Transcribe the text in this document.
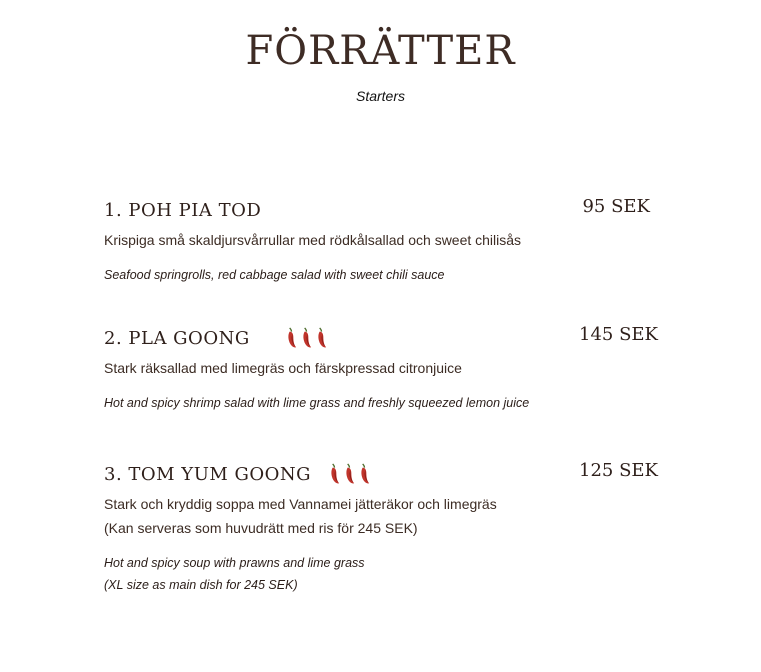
FÖRRÄTTER
Starters
1. POH PIA TOD	95 SEK
Krispiga små skaldjursvårrullar med rödkålsallad och sweet chilisås
Seafood springrolls, red cabbage salad with sweet chili sauce
2. PLA GOONG	145 SEK
Stark räksallad med limegräs och färskpressad citronjuice
Hot and spicy shrimp salad with lime grass and freshly squeezed lemon juice
3. TOM YUM GOONG	125 SEK
Stark och kryddig soppa med Vannamei jätteräkor och limegräs
(Kan serveras som huvudrätt med ris för 245 SEK)
Hot and spicy soup with prawns and lime grass
(XL size as main dish for 245 SEK)
